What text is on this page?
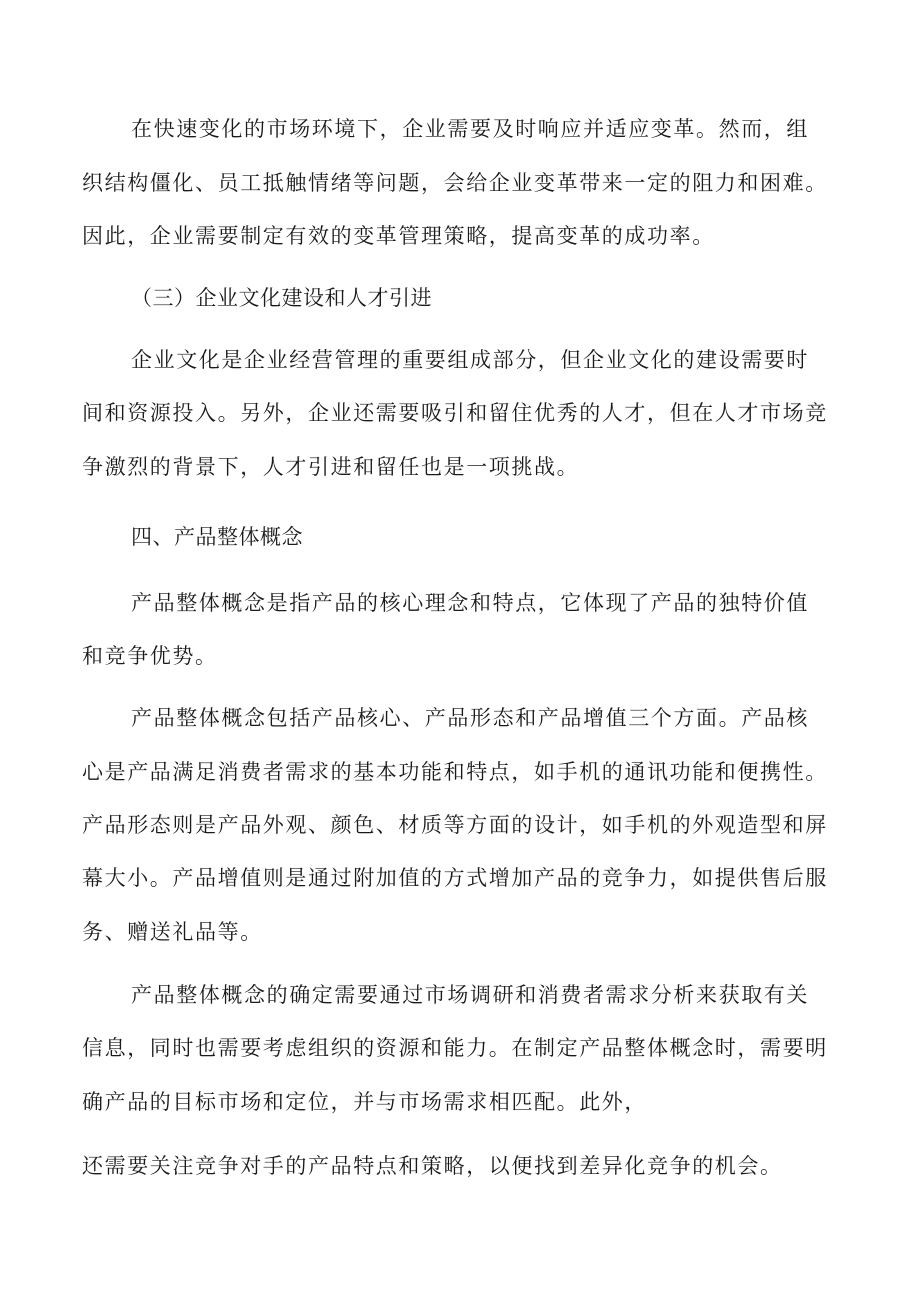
在快速变化的市场环境下，企业需要及时响应并适应变革。然而，组
织结构僵化、员工抵触情绪等问题，会给企业变革带来一定的阻力和困难。
因此，企业需要制定有效的变革管理策略，提高变革的成功率。
（三）企业文化建设和人才引进
企业文化是企业经营管理的重要组成部分，但企业文化的建设需要时
间和资源投入。另外，企业还需要吸引和留住优秀的人才，但在人才市场竞
争激烈的背景下，人才引进和留任也是一项挑战。
四、产品整体概念
产品整体概念是指产品的核心理念和特点，它体现了产品的独特价值
和竞争优势。
产品整体概念包括产品核心、产品形态和产品增值三个方面。产品核
心是产品满足消费者需求的基本功能和特点，如手机的通讯功能和便携性。
产品形态则是产品外观、颜色、材质等方面的设计，如手机的外观造型和屏
幕大小。产品增值则是通过附加值的方式增加产品的竞争力，如提供售后服
务、赠送礼品等。
产品整体概念的确定需要通过市场调研和消费者需求分析来获取有关
信息，同时也需要考虑组织的资源和能力。在制定产品整体概念时，需要明
确产品的目标市场和定位，并与市场需求相匹配。此外，
还需要关注竞争对手的产品特点和策略，以便找到差异化竞争的机会。
